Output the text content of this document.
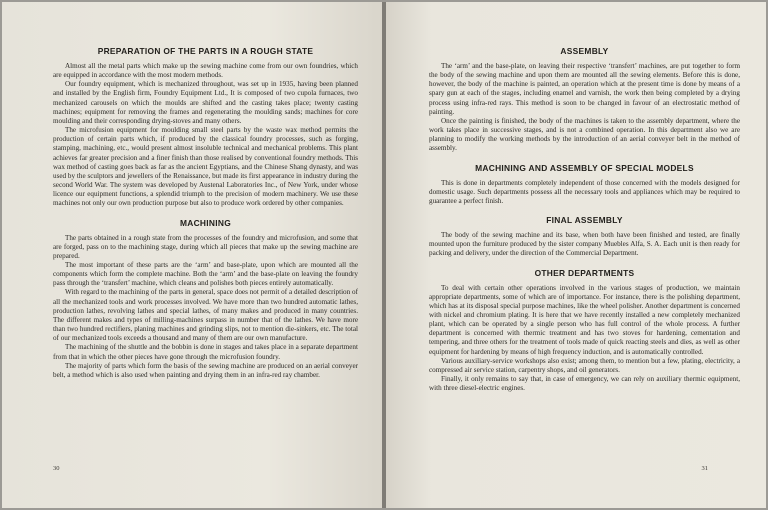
PREPARATION OF THE PARTS IN A ROUGH STATE

Almost all the metal parts which make up the sewing machine come from our own foundries, which are equipped in accordance with the most modern methods.

Our foundry equipment, which is mechanized throughout, was set up in 1935, having been planned and installed by the English firm, Foundry Equipment Ltd., It is composed of two cupola furnaces, two mechanized carousels on which the moulds are shifted and the casting takes place; twenty casting machines; equipment for removing the frames and regenerating the moulding sands; machines for core moulding and their corresponding drying-stoves and many others.

The microfusion equipment for moulding small steel parts by the waste wax method permits the production of certain parts which, if produced by the classical foundry processes, such as forging, stamping, machining, etc., would present almost insoluble technical and mechanical problems. This plant achieves far greater precision and a finer finish than those realised by conventional foundry methods. This wax method of casting goes back as far as the ancient Egyptians, and the Chinese Shang dynasty, and was used by the sculptors and jewellers of the Renaissance, but made its first appearance in industry during the second World War. The system was developed by Austenal Laboratories Inc., of New York, under whose licence our equipment functions, a splendid triumph to the precision of modern machinery. We use these machines not only our own production purpose but also to produce work ordered by other companies.

MACHINING

The parts obtained in a rough state from the processes of the foundry and microfusion, and some that are forged, pass on to the machining stage, during which all pieces that make up the sewing machine are prepared.

The most important of these parts are the ‘arm’ and base-plate, upon which are mounted all the components which form the complete machine. Both the ‘arm’ and the base-plate on leaving the foundry pass through the ‘transfert’ machine, which cleans and polishes both pieces entirely automatically.

With regard to the machining of the parts in general, space does not permit of a detailed description of all the mechanized tools and work processes involved. We have more than two hundred automatic lathes, production lathes, revolving lathes and special lathes, of many makes and produced in many countries. The different makes and types of milling-machines surpass in number that of the lathes. We have more than two hundred rectifiers, planing machines and grinding slips, not to mention die-sinkers, etc. The total of our mechanized tools exceeds a thousand and many of them are our own manufacture.

The machining of the shuttle and the bobbin is done in stages and takes place in a separate department from that in which the other pieces have gone through the microfusion foundry.

The majority of parts which form the basis of the sewing machine are produced on an aerial conveyer belt, a method which is also used when painting and drying them in an infra-red ray chamber.

30
ASSEMBLY

The ‘arm’ and the base-plate, on leaving their respective ‘transfert’ machines, are put together to form the body of the sewing machine and upon them are mounted all the sewing elements. Before this is done, however, the body of the machine is painted, an operation which at the present time is done by means of a spary gun at each of the stages, including enamel and varnish, the work then being completed by a drying process using infra-red rays. This method is soon to be changed in favour of an electrostatic method of painting.

Once the painting is finished, the body of the machines is taken to the assembly department, where the work takes place in successive stages, and is not a combined operation. In this department also we are planning to modify the working methods by the introduction of an aerial conveyer belt in the method of assembly.

MACHINING AND ASSEMBLY OF SPECIAL MODELS

This is done in departments completely independent of those concerned with the models designed for domestic usage. Such departments possess all the necessary tools and appliances which may be required to guarantee a perfect finish.

FINAL ASSEMBLY

The body of the sewing machine and its base, when both have been finished and tested, are finally mounted upon the furniture produced by the sister company Muebles Alfa, S. A. Each unit is then ready for packing and delivery, under the direction of the Commercial Department.

OTHER DEPARTMENTS

To deal with certain other operations involved in the various stages of production, we maintain appropriate departments, some of which are of importance. For instance, there is the polishing department, which has at its disposal special purpose machines, like the wheel polisher. Another department is concerned with nickel and chromium plating. It is here that we have recently installed a new completely mechanized plant, which can be operated by a single person who has full control of the whole process. A further department is concerned with thermic treatment and has two stoves for hardening, cementation and tempering, and three others for the treatment of tools made of quick reacting steels and dies, as well as other equipment for hardening by means of high frequency induction, and is automatically controlled.

Various auxiliary-service workshops also exist; among them, to mention but a few, plating, electricity, a compressed air service station, carpentry shops, and oil generators.

Finally, it only remains to say that, in case of emergency, we can rely on auxiliary thermic equipment, with three diesel-electric engines.

31
